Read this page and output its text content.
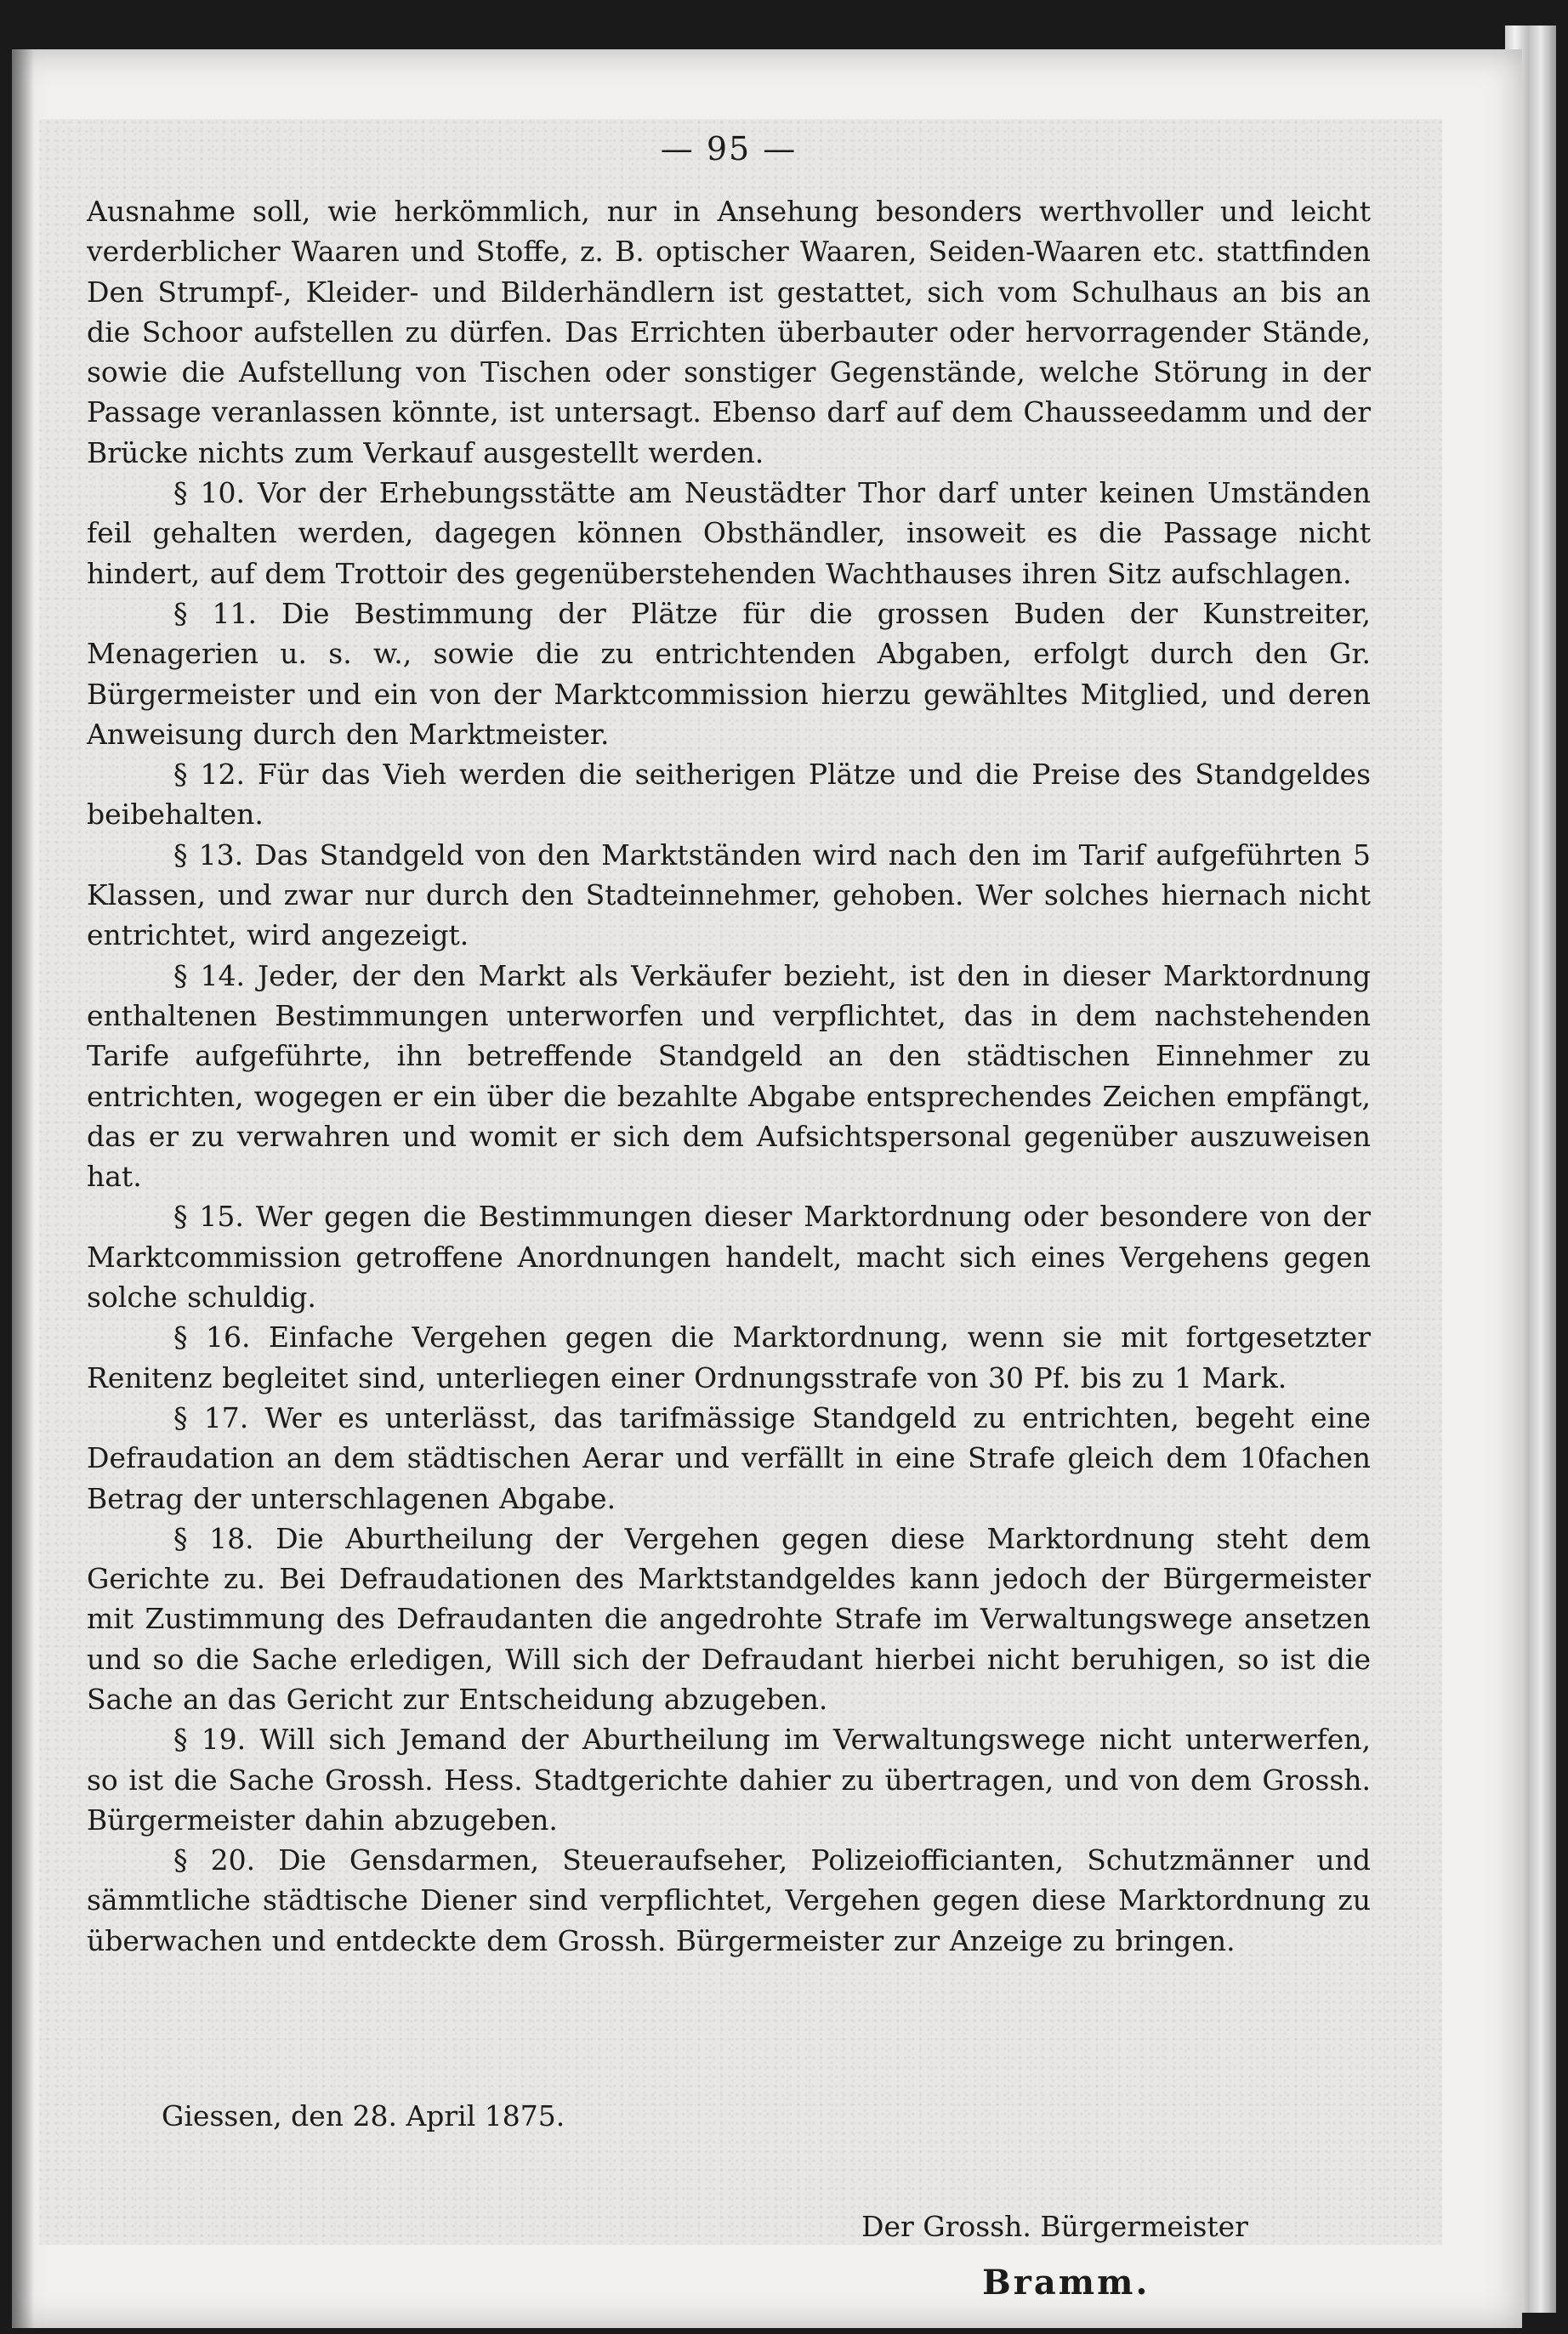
— 95 —

Ausnahme soll, wie herkömmlich, nur in Ansehung besonders werthvoller und leicht verderblicher Waaren und Stoffe, z. B. optischer Waaren, Seiden-Waaren etc. stattfinden Den Strumpf-, Kleider- und Bilderhändlern ist gestattet, sich vom Schulhaus an bis an die Schoor aufstellen zu dürfen. Das Errichten überbauter oder hervorragender Stände, sowie die Aufstellung von Tischen oder sonstiger Gegenstände, welche Störung in der Passage veranlassen könnte, ist untersagt. Ebenso darf auf dem Chausseedamm und der Brücke nichts zum Verkauf ausgestellt werden.

§ 10. Vor der Erhebungsstätte am Neustädter Thor darf unter keinen Umständen feil gehalten werden, dagegen können Obsthändler, insoweit es die Passage nicht hindert, auf dem Trottoir des gegenüberstehenden Wachthauses ihren Sitz aufschlagen.

§ 11. Die Bestimmung der Plätze für die grossen Buden der Kunstreiter, Menagerien u. s. w., sowie die zu entrichtenden Abgaben, erfolgt durch den Gr. Bürgermeister und ein von der Marktcommission hierzu gewähltes Mitglied, und deren Anweisung durch den Marktmeister.

§ 12. Für das Vieh werden die seitherigen Plätze und die Preise des Standgeldes beibehalten.

§ 13. Das Standgeld von den Marktständen wird nach den im Tarif aufgeführten 5 Klassen, und zwar nur durch den Stadteinnehmer, gehoben. Wer solches hiernach nicht entrichtet, wird angezeigt.

§ 14. Jeder, der den Markt als Verkäufer bezieht, ist den in dieser Marktordnung enthaltenen Bestimmungen unterworfen und verpflichtet, das in dem nachstehenden Tarife aufgeführte, ihn betreffende Standgeld an den städtischen Einnehmer zu entrichten, wogegen er ein über die bezahlte Abgabe entsprechendes Zeichen empfängt, das er zu verwahren und womit er sich dem Aufsichtspersonal gegenüber auszuweisen hat.

§ 15. Wer gegen die Bestimmungen dieser Marktordnung oder besondere von der Marktcommission getroffene Anordnungen handelt, macht sich eines Vergehens gegen solche schuldig.

§ 16. Einfache Vergehen gegen die Marktordnung, wenn sie mit fortgesetzter Renitenz begleitet sind, unterliegen einer Ordnungsstrafe von 30 Pf. bis zu 1 Mark.

§ 17. Wer es unterlässt, das tarifmässige Standgeld zu entrichten, begeht eine Defraudation an dem städtischen Aerar und verfällt in eine Strafe gleich dem 10fachen Betrag der unterschlagenen Abgabe.

§ 18. Die Aburtheilung der Vergehen gegen diese Marktordnung steht dem Gerichte zu. Bei Defraudationen des Marktstandgeldes kann jedoch der Bürgermeister mit Zustimmung des Defraudanten die angedrohte Strafe im Verwaltungswege ansetzen und so die Sache erledigen, Will sich der Defraudant hierbei nicht beruhigen, so ist die Sache an das Gericht zur Entscheidung abzugeben.

§ 19. Will sich Jemand der Aburtheilung im Verwaltungswege nicht unterwerfen, so ist die Sache Grossh. Hess. Stadtgerichte dahier zu übertragen, und von dem Grossh. Bürgermeister dahin abzugeben.

§ 20. Die Gensdarmen, Steueraufseher, Polizeiofficianten, Schutzmänner und sämmtliche städtische Diener sind verpflichtet, Vergehen gegen diese Marktordnung zu überwachen und entdeckte dem Grossh. Bürgermeister zur Anzeige zu bringen.

Giessen, den 28. April 1875.
Der Grossh. Bürgermeister
Bramm.
